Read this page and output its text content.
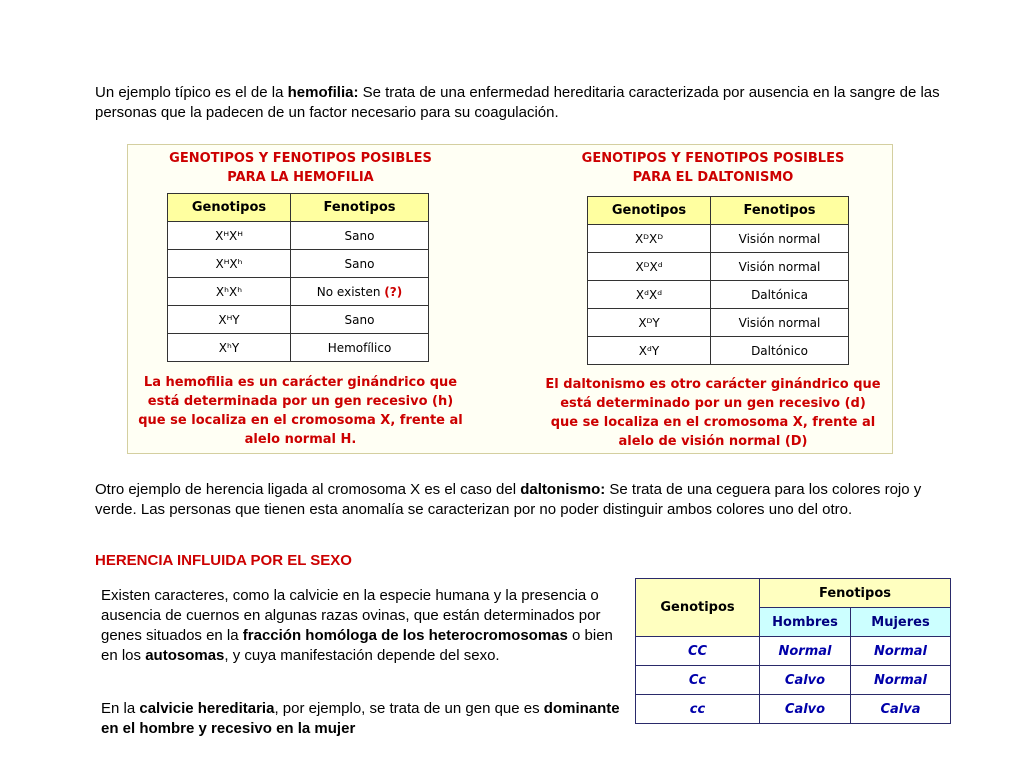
Un ejemplo típico es el de la hemofilia: Se trata de una enfermedad hereditaria caracterizada por ausencia en la sangre de las personas que la padecen de un factor necesario para su coagulación.
GENOTIPOS Y FENOTIPOS POSIBLES
PARA LA HEMOFILIA
Genotipos	Fenotipos
XᴴXᴴ	Sano
XᴴXʰ	Sano
XʰXʰ	No existen (?)
XᴴY	Sano
XʰY	Hemofílico
La hemofilia es un carácter ginándrico que
está determinada por un gen recesivo (h)
que se localiza en el cromosoma X, frente al
alelo normal H.
GENOTIPOS Y FENOTIPOS POSIBLES
PARA EL DALTONISMO
Genotipos	Fenotipos
XᴰXᴰ	Visión normal
XᴰXᵈ	Visión normal
XᵈXᵈ	Daltónica
XᴰY	Visión normal
XᵈY	Daltónico
El daltonismo es otro carácter ginándrico que
está determinado por un gen recesivo (d)
que se localiza en el cromosoma X, frente al
alelo de visión normal (D)
Otro ejemplo de herencia ligada al cromosoma X es el caso del daltonismo: Se trata de una ceguera para los colores rojo y verde. Las personas que tienen esta anomalía se caracterizan por no poder distinguir ambos colores uno del otro.
HERENCIA INFLUIDA POR EL SEXO
Existen caracteres, como la calvicie en la especie humana y la presencia o ausencia de cuernos en algunas razas ovinas, que están determinados por genes situados en la fracción homóloga de los heterocromosomas o bien en los autosomas, y cuya manifestación depende del sexo.
En la calvicie hereditaria, por ejemplo, se trata de un gen que es dominante en el hombre y recesivo en la mujer
Genotipos	Fenotipos	
	Hombres	Mujeres
CC	Normal	Normal
Cc	Calvo	Normal
cc	Calvo	Calva
